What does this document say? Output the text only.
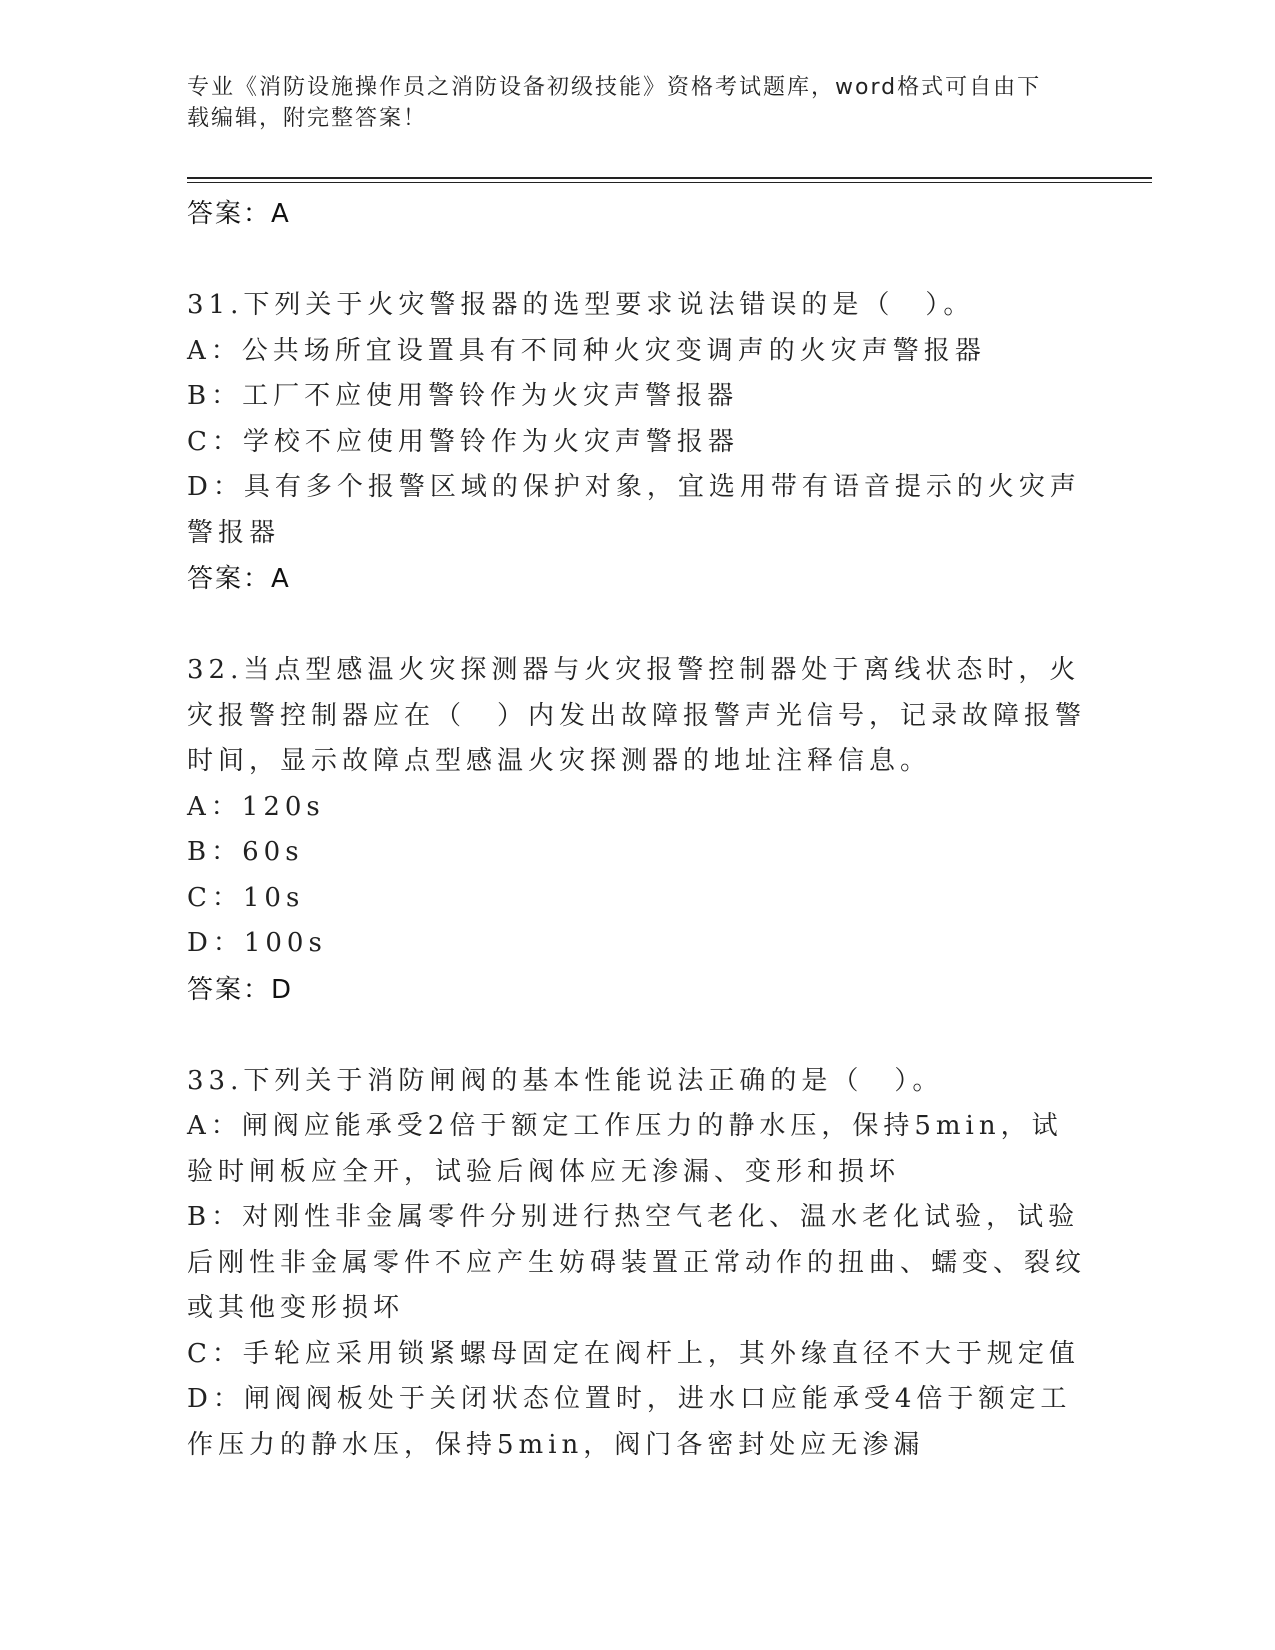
专业《消防设施操作员之消防设备初级技能》资格考试题库，word格式可自由下
载编辑，附完整答案！

答案：A

31.下列关于火灾警报器的选型要求说法错误的是（　）。

A：公共场所宜设置具有不同种火灾变调声的火灾声警报器

B：工厂不应使用警铃作为火灾声警报器

C：学校不应使用警铃作为火灾声警报器

D：具有多个报警区域的保护对象，宜选用带有语音提示的火灾声警报器

答案：A

32.当点型感温火灾探测器与火灾报警控制器处于离线状态时，火灾报警控制器应在（　）内发出故障报警声光信号，记录故障报警时间，显示故障点型感温火灾探测器的地址注释信息。

A：120s

B：60s

C：10s

D：100s

答案：D

33.下列关于消防闸阀的基本性能说法正确的是（　）。

A：闸阀应能承受2倍于额定工作压力的静水压，保持5min，试验时闸板应全开，试验后阀体应无渗漏、变形和损坏

B：对刚性非金属零件分别进行热空气老化、温水老化试验，试验后刚性非金属零件不应产生妨碍装置正常动作的扭曲、蠕变、裂纹或其他变形损坏

C：手轮应采用锁紧螺母固定在阀杆上，其外缘直径不大于规定值

D：闸阀阀板处于关闭状态位置时，进水口应能承受4倍于额定工作压力的静水压，保持5min，阀门各密封处应无渗漏
